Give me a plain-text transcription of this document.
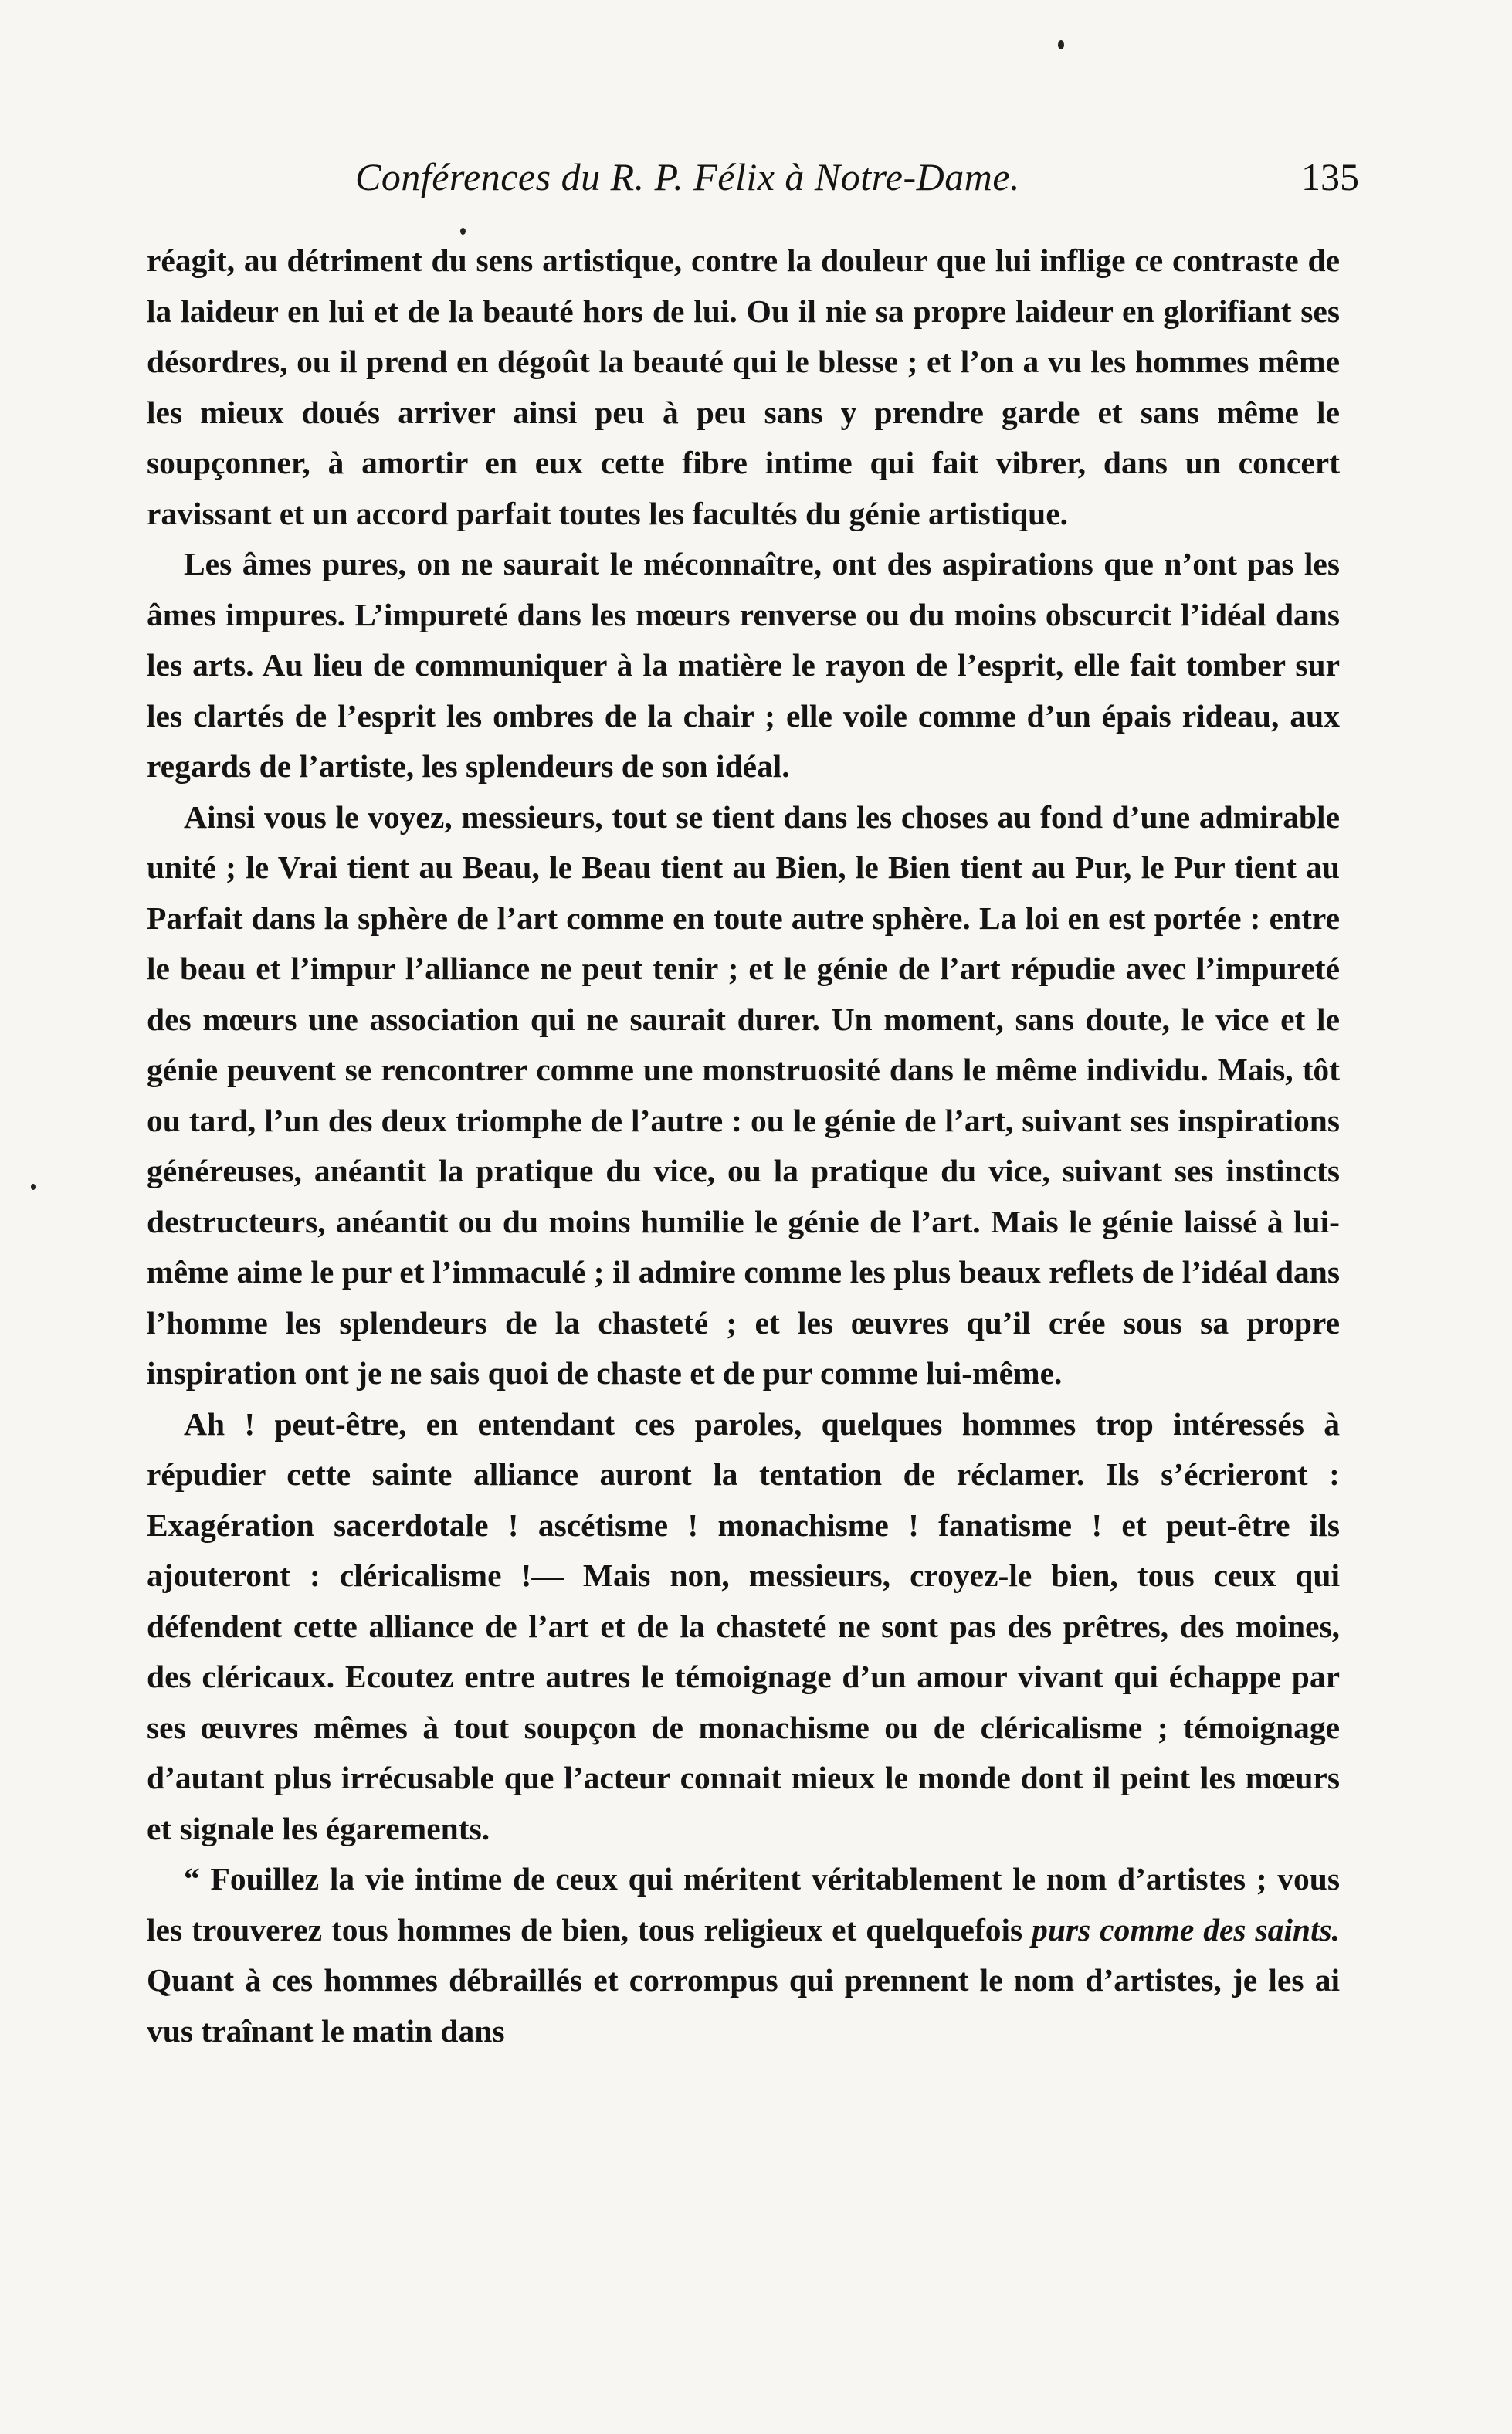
Conférences du R. P. Félix à Notre-Dame.	135

réagit, au détriment du sens artistique, contre la douleur que lui inflige ce contraste de la laideur en lui et de la beauté hors de lui. Ou il nie sa propre laideur en glorifiant ses désordres, ou il prend en dégoût la beauté qui le blesse ; et l’on a vu les hommes même les mieux doués arriver ainsi peu à peu sans y prendre garde et sans même le soupçonner, à amortir en eux cette fibre intime qui fait vibrer, dans un concert ravissant et un accord parfait toutes les facultés du génie artistique.

Les âmes pures, on ne saurait le méconnaître, ont des aspirations que n’ont pas les âmes impures. L’impureté dans les mœurs renverse ou du moins obscurcit l’idéal dans les arts. Au lieu de communiquer à la matière le rayon de l’esprit, elle fait tomber sur les clartés de l’esprit les ombres de la chair ; elle voile comme d’un épais rideau, aux regards de l’artiste, les splendeurs de son idéal.

Ainsi vous le voyez, messieurs, tout se tient dans les choses au fond d’une admirable unité ; le Vrai tient au Beau, le Beau tient au Bien, le Bien tient au Pur, le Pur tient au Parfait dans la sphère de l’art comme en toute autre sphère. La loi en est portée : entre le beau et l’impur l’alliance ne peut tenir ; et le génie de l’art répudie avec l’impureté des mœurs une association qui ne saurait durer. Un moment, sans doute, le vice et le génie peuvent se rencontrer comme une monstruosité dans le même individu. Mais, tôt ou tard, l’un des deux triomphe de l’autre : ou le génie de l’art, suivant ses inspirations généreuses, anéantit la pratique du vice, ou la pratique du vice, suivant ses instincts destructeurs, anéantit ou du moins humilie le génie de l’art. Mais le génie laissé à lui-même aime le pur et l’immaculé ; il admire comme les plus beaux reflets de l’idéal dans l’homme les splendeurs de la chasteté ; et les œuvres qu’il crée sous sa propre inspiration ont je ne sais quoi de chaste et de pur comme lui-même.

Ah ! peut-être, en entendant ces paroles, quelques hommes trop intéressés à répudier cette sainte alliance auront la tentation de réclamer. Ils s’écrieront : Exagération sacerdotale ! ascétisme ! monachisme ! fanatisme ! et peut-être ils ajouteront : cléricalisme !— Mais non, messieurs, croyez-le bien, tous ceux qui défendent cette alliance de l’art et de la chasteté ne sont pas des prêtres, des moines, des cléricaux. Ecoutez entre autres le témoignage d’un amour vivant qui échappe par ses œuvres mêmes à tout soupçon de monachisme ou de cléricalisme ; témoignage d’autant plus irrécusable que l’acteur connait mieux le monde dont il peint les mœurs et signale les égarements.

“ Fouillez la vie intime de ceux qui méritent véritablement le nom d’artistes ; vous les trouverez tous hommes de bien, tous religieux et quelquefois purs comme des saints. Quant à ces hommes débraillés et corrompus qui prennent le nom d’artistes, je les ai vus traînant le matin dans
